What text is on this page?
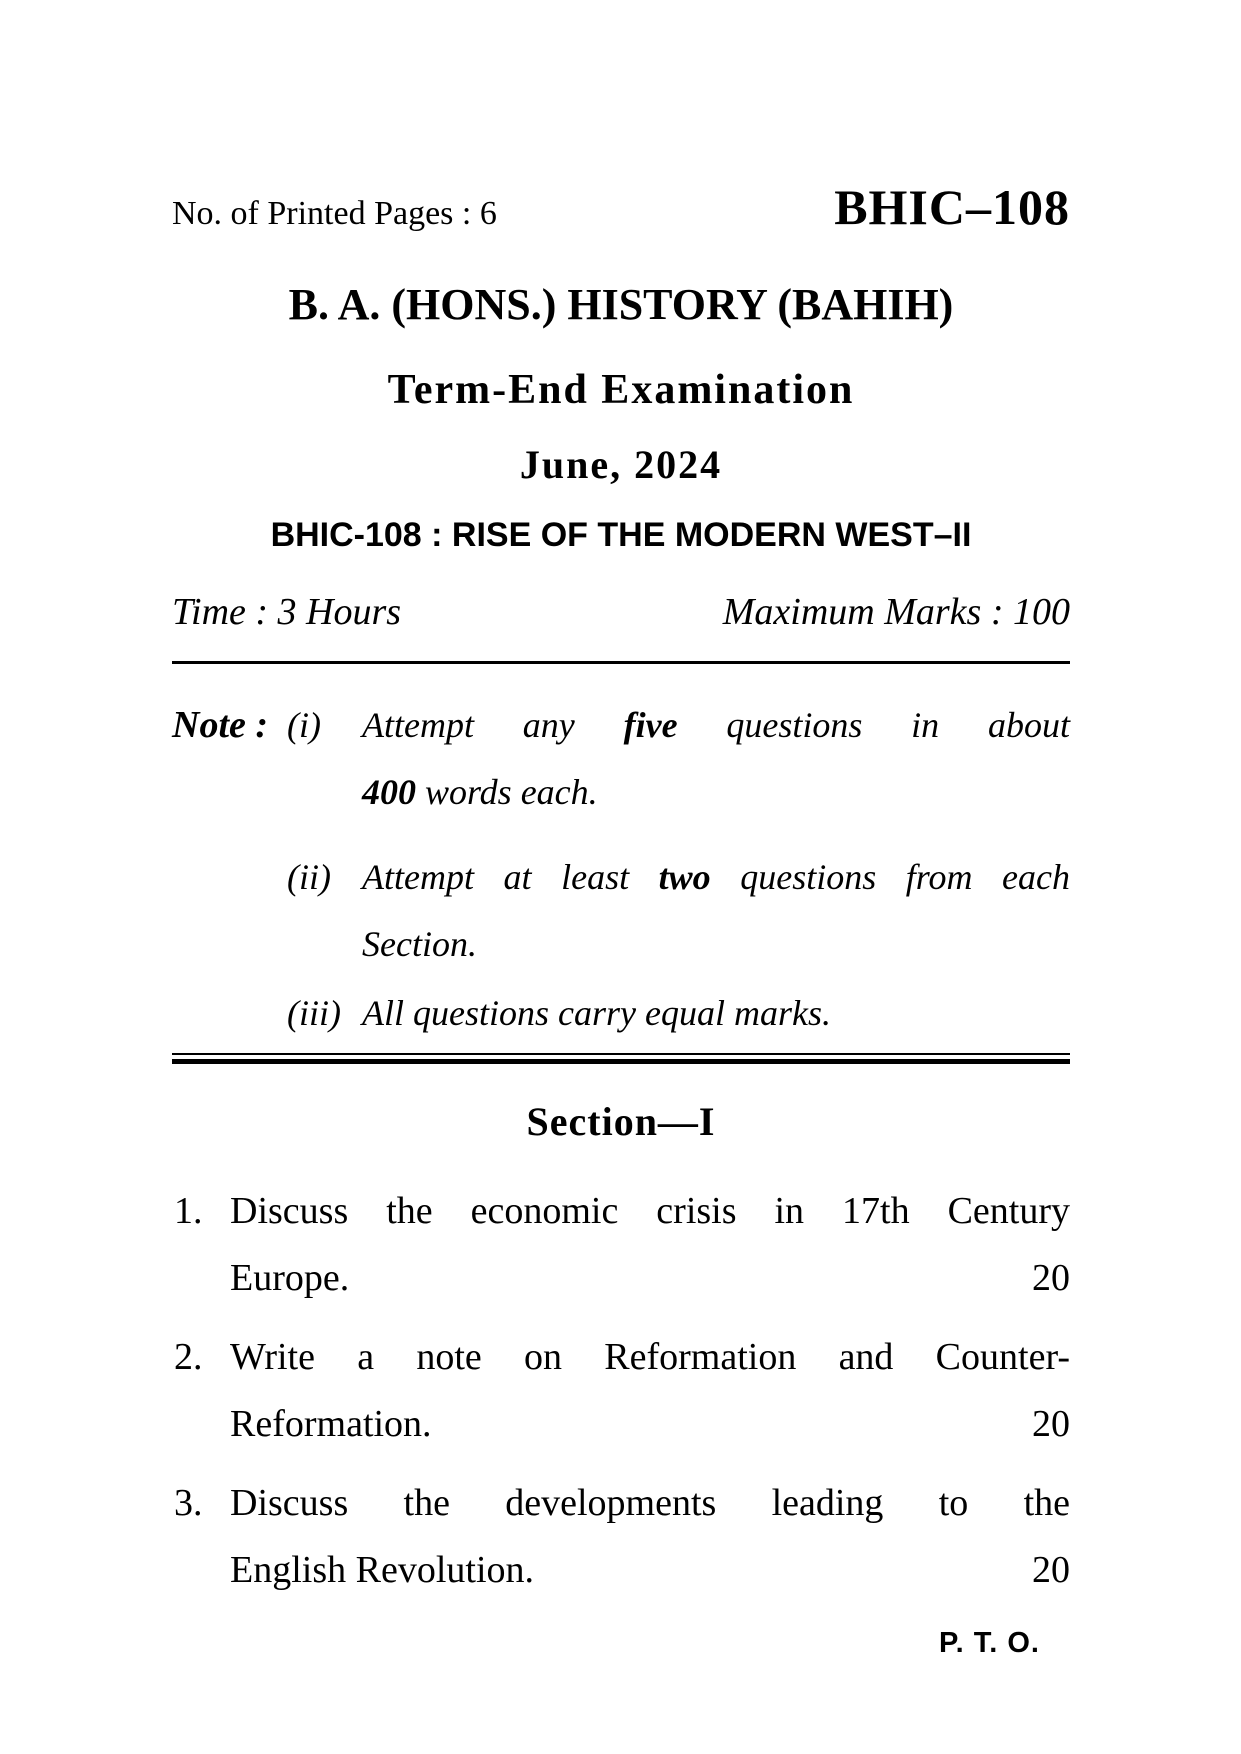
No. of Printed Pages : 6	BHIC–108
B. A. (HONS.) HISTORY (BAHIH)
Term-End Examination
June, 2024
BHIC-108 : RISE OF THE MODERN WEST–II
Time : 3 Hours	Maximum Marks : 100
Note : (i)	Attempt any five questions in about
400 words each.
(ii) Attempt at least two questions from each
Section.
(iii) All questions carry equal marks.
Section—I
1. Discuss the economic crisis in 17th Century
Europe.	20
2. Write a note on Reformation and Counter-
Reformation.	20
3. Discuss the developments leading to the
English Revolution.	20
P. T. O.
